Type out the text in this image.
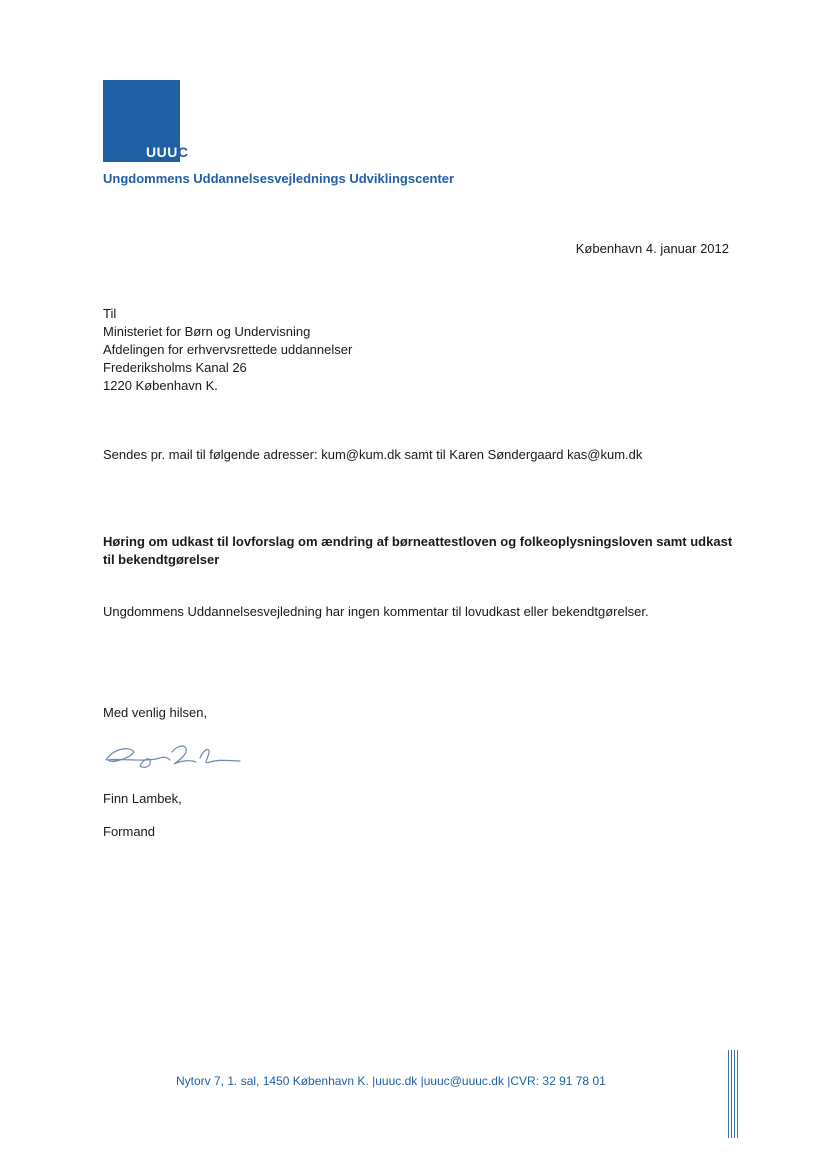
UUUC
Ungdommens Uddannelsesvejlednings Udviklingscenter
København 4. januar 2012
Til
Ministeriet for Børn og Undervisning
Afdelingen for erhvervsrettede uddannelser
Frederiksholms Kanal 26
1220 København K.
Sendes pr. mail til følgende adresser: kum@kum.dk samt til Karen Søndergaard kas@kum.dk
Høring om udkast til lovforslag om ændring af børneattestloven og folkeoplysningsloven samt udkast til bekendtgørelser
Ungdommens Uddannelsesvejledning har ingen kommentar til lovudkast eller bekendtgørelser.
Med venlig hilsen,
Finn Lambek,
Formand
Nytorv 7, 1. sal, 1450 København K. |uuuc.dk |uuuc@uuuc.dk |CVR: 32 91 78 01
